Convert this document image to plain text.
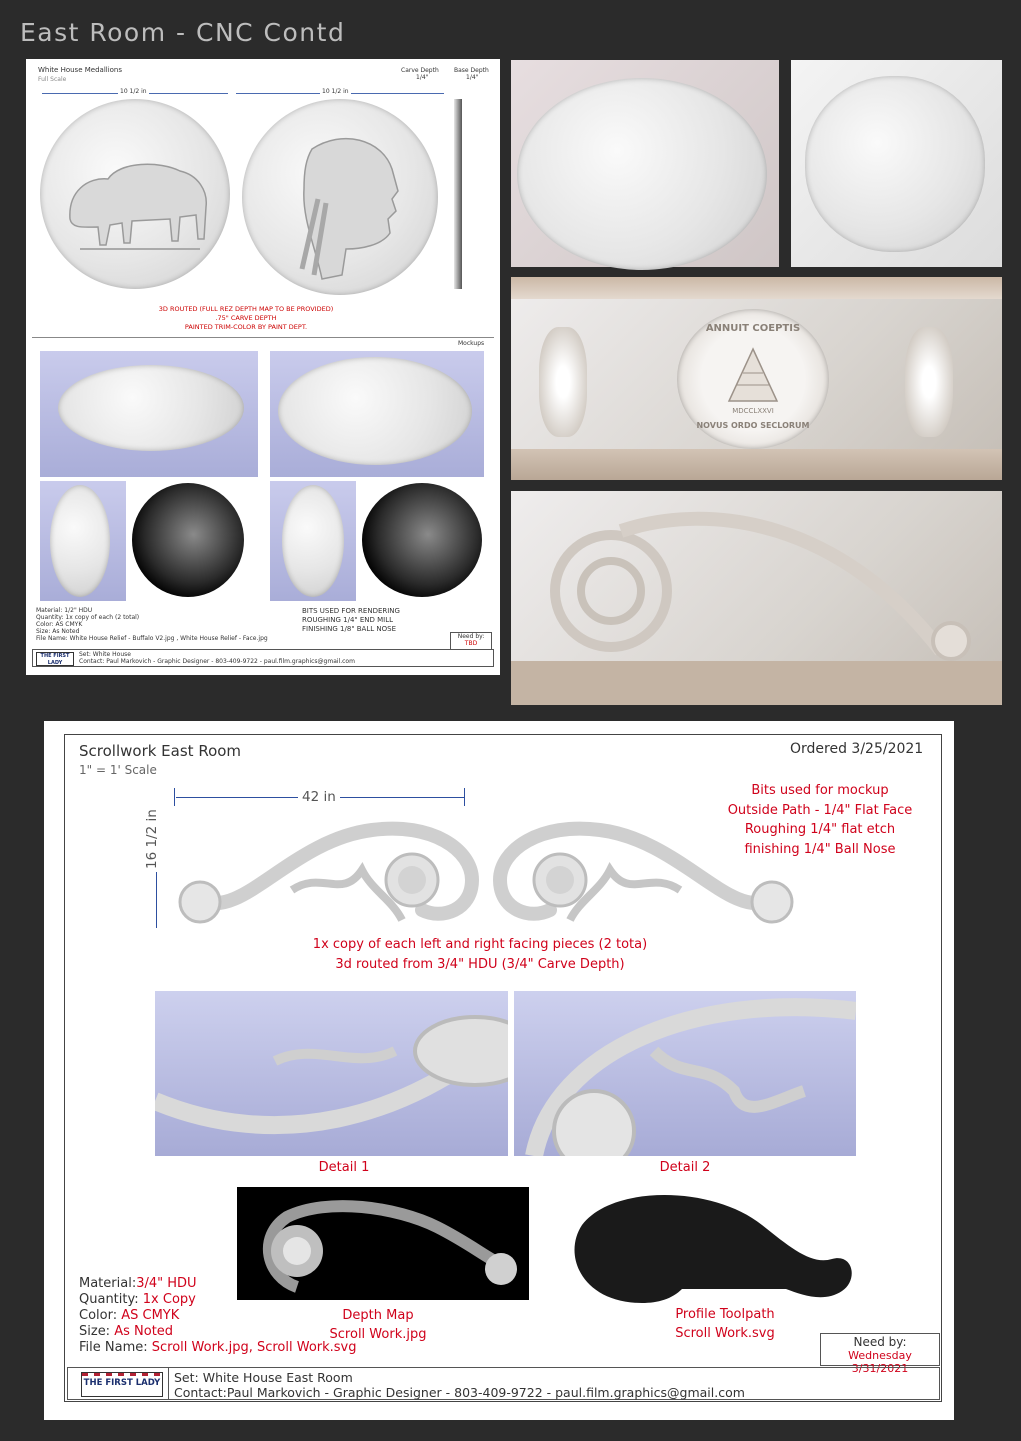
East Room - CNC Contd
White House Medallions
Full Scale
10 1/2 in	10 1/2 in
Carve Depth
1/4"
Base Depth
1/4"
3D ROUTED (FULL REZ DEPTH MAP TO BE PROVIDED)
.75" CARVE DEPTH
PAINTED TRIM-COLOR BY PAINT DEPT.
Mockups
Material: 1/2" HDU
Quantity: 1x copy of each (2 total)
Color: AS CMYK
Size: As Noted
File Name: White House Relief - Buffalo V2.jpg , White House Relief - Face.jpg
BITS USED FOR RENDERING
ROUGHING 1/4" END MILL
FINISHING 1/8" BALL NOSE
Need by:
TBD
THE FIRST LADY
Set: White House
Contact: Paul Markovich - Graphic Designer - 803-409-9722 - paul.film.graphics@gmail.com
ANNUIT COEPTIS
MDCCLXXVI
NOVUS ORDO SECLORUM
Scrollwork East Room
1" = 1' Scale
Ordered 3/25/2021
42 in
16 1/2 in
Bits used for mockup
Outside Path - 1/4" Flat Face
Roughing 1/4" flat etch
finishing 1/4" Ball Nose
1x copy of each left and right facing pieces (2 tota)
3d routed from 3/4" HDU (3/4" Carve Depth)
Detail 1	Detail 2
Depth Map
Scroll Work.jpg
Profile Toolpath
Scroll Work.svg
Material:3/4" HDU
Quantity: 1x Copy
Color: AS CMYK
Size: As Noted
File Name: Scroll Work.jpg, Scroll Work.svg	Need by:
Wednesday 3/31/2021
THE FIRST LADY Set: White House East Room
Contact:Paul Markovich - Graphic Designer - 803-409-9722 - paul.film.graphics@gmail.com
